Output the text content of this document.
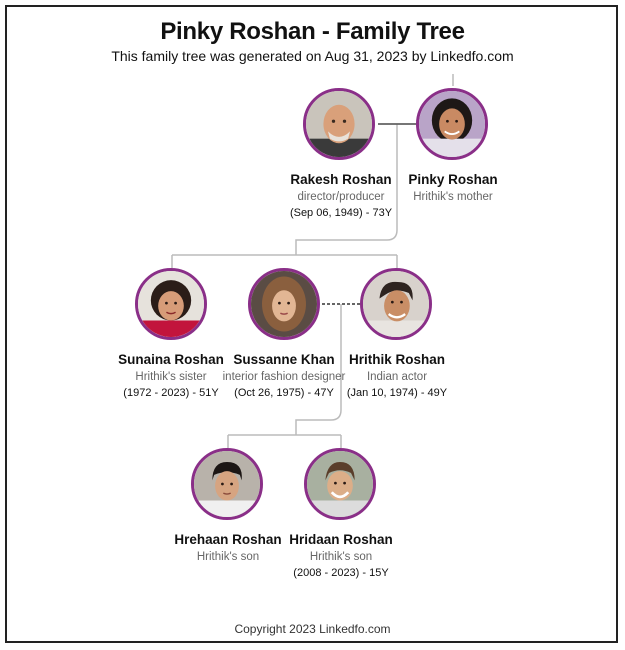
Pinky Roshan - Family Tree
This family tree was generated on Aug 31, 2023 by Linkedfo.com
Rakesh Roshan
director/producer
(Sep 06, 1949) - 73Y
Pinky Roshan
Hrithik's mother
Sunaina Roshan
Hrithik's sister
(1972 - 2023) - 51Y
Sussanne Khan
interior fashion designer
(Oct 26, 1975) - 47Y
Hrithik Roshan
Indian actor
(Jan 10, 1974) - 49Y
Hrehaan Roshan
Hrithik's son
Hridaan Roshan
Hrithik's son
(2008 - 2023) - 15Y
Copyright 2023 Linkedfo.com
